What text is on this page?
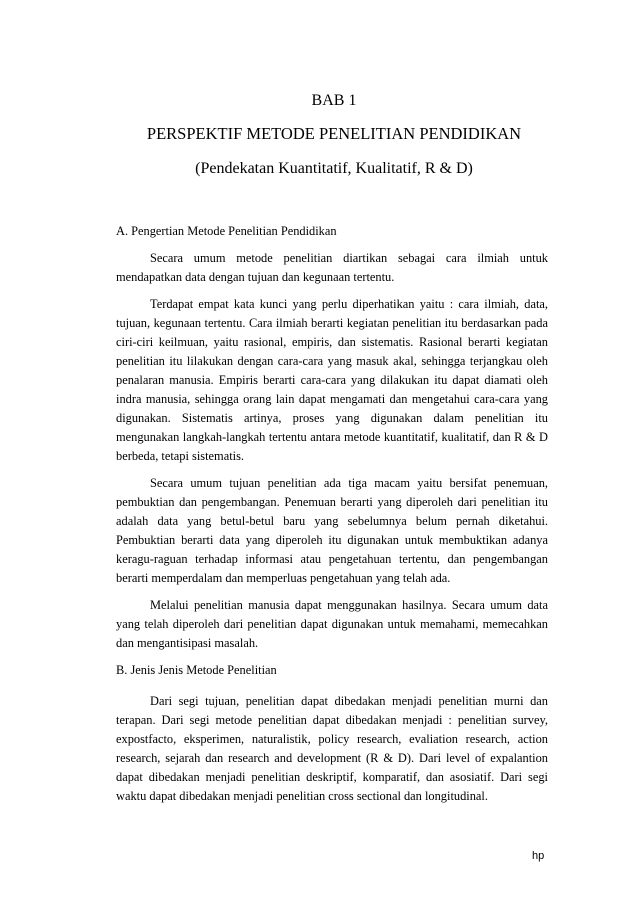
BAB 1
PERSPEKTIF METODE PENELITIAN PENDIDIKAN
(Pendekatan Kuantitatif, Kualitatif, R & D)

A. Pengertian Metode Penelitian Pendidikan

Secara umum metode penelitian diartikan sebagai cara ilmiah untuk mendapatkan data dengan tujuan dan kegunaan tertentu.

Terdapat empat kata kunci yang perlu diperhatikan yaitu : cara ilmiah, data, tujuan, kegunaan tertentu. Cara ilmiah berarti kegiatan penelitian itu berdasarkan pada ciri-ciri keilmuan, yaitu rasional, empiris, dan sistematis. Rasional berarti kegiatan penelitian itu lilakukan dengan cara-cara yang masuk akal, sehingga terjangkau oleh penalaran manusia. Empiris berarti cara-cara yang dilakukan itu dapat diamati oleh indra manusia, sehingga orang lain dapat mengamati dan mengetahui cara-cara yang digunakan. Sistematis artinya, proses yang digunakan dalam penelitian itu mengunakan langkah-langkah tertentu antara metode kuantitatif, kualitatif, dan R & D berbeda, tetapi sistematis.

Secara umum tujuan penelitian ada tiga macam yaitu bersifat penemuan, pembuktian dan pengembangan. Penemuan berarti yang diperoleh dari penelitian itu adalah data yang betul-betul baru yang sebelumnya belum pernah diketahui. Pembuktian berarti data yang diperoleh itu digunakan untuk membuktikan adanya keragu-raguan terhadap informasi atau pengetahuan tertentu, dan pengembangan berarti memperdalam dan memperluas pengetahuan yang telah ada.

Melalui penelitian manusia dapat menggunakan hasilnya. Secara umum data yang telah diperoleh dari penelitian dapat digunakan untuk memahami, memecahkan dan mengantisipasi masalah.

B. Jenis Jenis Metode Penelitian

Dari segi tujuan, penelitian dapat dibedakan menjadi penelitian murni dan terapan. Dari segi metode penelitian dapat dibedakan menjadi : penelitian survey, expostfacto, eksperimen, naturalistik, policy research, evaliation research, action research, sejarah dan research and development (R & D). Dari level of expalantion dapat dibedakan menjadi penelitian deskriptif, komparatif, dan asosiatif. Dari segi waktu dapat dibedakan menjadi penelitian cross sectional dan longitudinal.

hp
